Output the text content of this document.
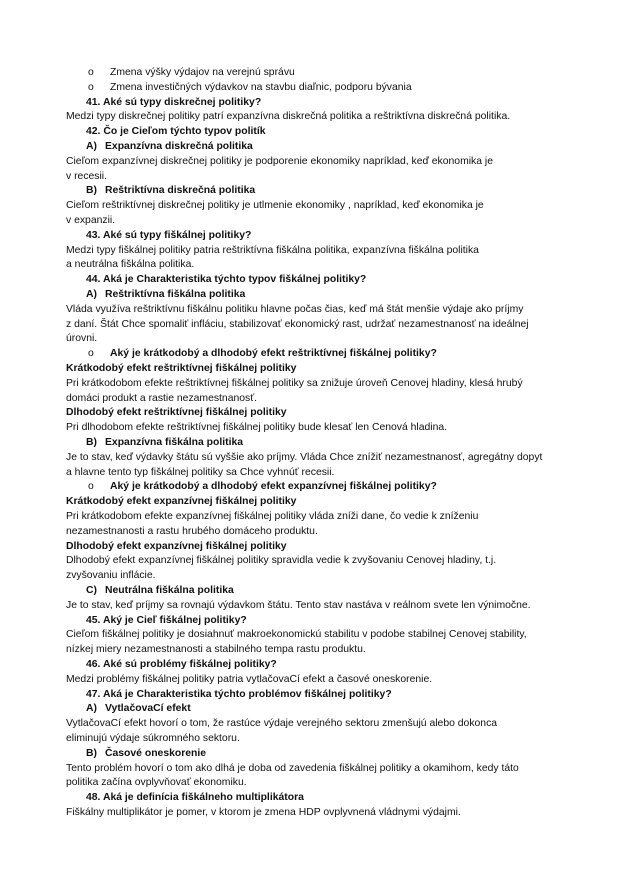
o Zmena výšky výdajov na verejnú správu
o Zmena investičných výdavkov na stavbu diaľnic, podporu bývania
41. Aké sú typy diskrečnej politiky?
Medzi typy diskrečnej politiky patrí expanzívna diskrečná politika a reštriktívna diskrečná politika.
42. Čo je Cieľom týchto typov politík
A) Expanzívna diskrečná politika
Cieľom expanzívnej diskrečnej politiky je podporenie ekonomiky napríklad, keď ekonomika je
v recesii.
B) Reštriktívna diskrečná politika
Cieľom reštriktívnej diskrečnej politiky je utlmenie ekonomiky , napríklad, keď ekonomika je
v expanzii.
43. Aké sú typy fiškálnej politiky?
Medzi typy fiškálnej politiky patria reštriktívna fiškálna politika, expanzívna fiškálna politika
a neutrálna fiškálna politika.
44. Aká je Charakteristika týchto typov fiškálnej politiky?
A) Reštriktívna fiškálna politika
Vláda využíva reštriktívnu fiškálnu politiku hlavne počas čias, keď má štát menšie výdaje ako príjmy
z daní. Štát Chce spomaliť infláciu, stabilizovať ekonomický rast, udržať nezamestnanosť na ideálnej
úrovni.
o Aký je krátkodobý a dlhodobý efekt reštriktívnej fiškálnej politiky?
Krátkodobý efekt reštriktívnej fiškálnej politiky
Pri krátkodobom efekte reštriktívnej fiškálnej politiky sa znižuje úroveň Cenovej hladiny, klesá hrubý
domáci produkt a rastie nezamestnanosť.
Dlhodobý efekt reštriktívnej fiškálnej politiky
Pri dlhodobom efekte reštriktívnej fiškálnej politiky bude klesať len Cenová hladina.
B) Expanzívna fiškálna politika
Je to stav, keď výdavky štátu sú vyššie ako príjmy. Vláda Chce znížiť nezamestnanosť, agregátny dopyt
a hlavne tento typ fiškálnej politiky sa Chce vyhnúť recesii.
o Aký je krátkodobý a dlhodobý efekt expanzívnej fiškálnej politiky?
Krátkodobý efekt expanzívnej fiškálnej politiky
Pri krátkodobom efekte expanzívnej fiškálnej politiky vláda zníži dane, čo vedie k zníženiu
nezamestnanosti a rastu hrubého domáceho produktu.
Dlhodobý efekt expanzívnej fiškálnej politiky
Dlhodobý efekt expanzívnej fiškálnej politiky spravidla vedie k zvyšovaniu Cenovej hladiny, t.j.
zvyšovaniu inflácie.
C) Neutrálna fiškálna politika
Je to stav, keď príjmy sa rovnajú výdavkom štátu. Tento stav nastáva v reálnom svete len výnimočne.
45. Aký je Cieľ fiškálnej politiky?
Cieľom fiškálnej politiky je dosiahnuť makroekonomickú stabilitu v podobe stabilnej Cenovej stability,
nízkej miery nezamestnanosti a stabilného tempa rastu produktu.
46. Aké sú problémy fiškálnej politiky?
Medzi problémy fiškálnej politiky patria vytlačovaCí efekt a časové oneskorenie.
47. Aká je Charakteristika týchto problémov fiškálnej politiky?
A) VytlačovaCí efekt
VytlačovaCí efekt hovorí o tom, že rastúce výdaje verejného sektoru zmenšujú alebo dokonca
eliminujú výdaje súkromného sektoru.
B) Časové oneskorenie
Tento problém hovorí o tom ako dlhá je doba od zavedenia fiškálnej politiky a okamihom, kedy táto
politika začína ovplyvňovať ekonomiku.
48. Aká je definícia fiškálneho multiplikátora
Fiškálny multiplikátor je pomer, v ktorom je zmena HDP ovplyvnená vládnymi výdajmi.
